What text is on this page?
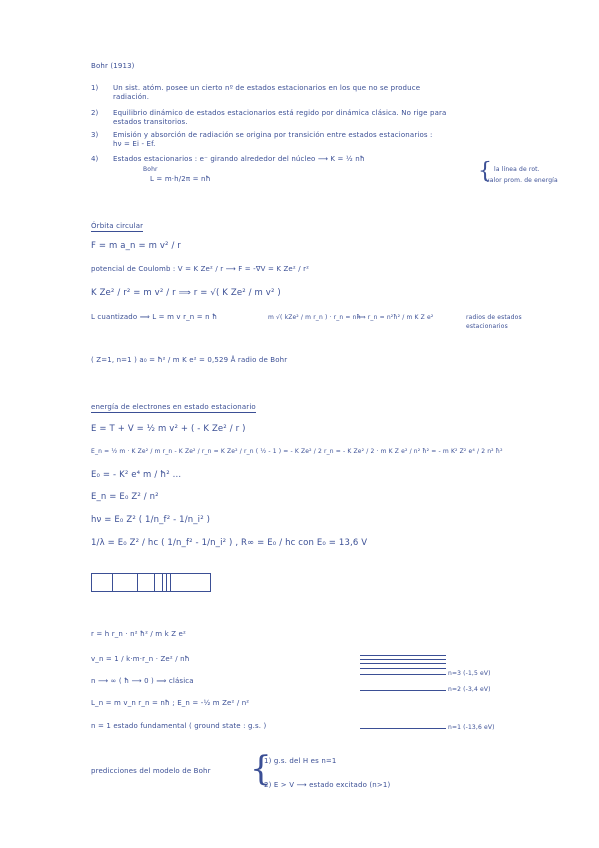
Bohr (1913)
1) Un sist. atóm. posee un cierto nº de estados estacionarios en los que no se produce
radiación.
2) Equilibrio dinámico de estados estacionarios está regido por dinámica clásica. No rige para
estados transitorios.
3) Emisión y absorción de radiación se origina por transición entre estados estacionarios :
hν = Ei - Ef.
4) Estados estacionarios : e⁻ girando alrededor del núcleo ⟶ K = ½ nħ
Bohr
L = m·h/2π = nħ	{ la línea de rot.
valor prom. de energía
Órbita circular
F = m a_n = m v² / r
potencial de Coulomb : V = K Ze² / r ⟶ F = -∇V = K Ze² / r²
K Ze² / r² = m v² / r ⟹ r = √( K Ze² / m v² )
L cuantizado ⟹ L = m v r_n = n ħ	m √( kZe² / m r_n ) · r_n = nħ
⟹ r_n = n²ħ² / m K Z e²	radios de estados
estacionarios
( Z=1, n=1 ) a₀ = ħ² / m K e² = 0,529 Å radio de Bohr
energía de electrones en estado estacionario
E = T + V = ½ m v² + ( - K Ze² / r )
E_n = ½ m · K Ze² / m r_n - K Ze² / r_n = K Ze² / r_n ( ½ - 1 ) = - K Ze² / 2 r_n = - K Ze² / 2 · m K Z e² / n² ħ² = - m K² Z² e⁴ / 2 n² ħ²
E₀ = - K² e⁴ m / ħ² ...
E_n = E₀ Z² / n²
hν = E₀ Z² ( 1/n_f² - 1/n_i² )
1/λ = E₀ Z² / hc ( 1/n_f² - 1/n_i² ) , R∞ = E₀ / hc con E₀ = 13,6 V
r = h r_n · n² ħ² / m k Z e²
v_n = 1 / k·m·r_n · Ze² / nħ
n ⟶ ∞ ( ħ ⟶ 0 ) ⟹ clásica
L_n = m v_n r_n = nħ ; E_n = -½ m Ze² / n²
n = 1 estado fundamental ( ground state : g.s. )
n=3 (-1,5 eV)
n=2 (-3,4 eV)
n=1 (-13,6 eV)
predicciones del modelo de Bohr {
1) g.s. del H es n=1
2) E > V ⟶ estado excitado (n>1)
